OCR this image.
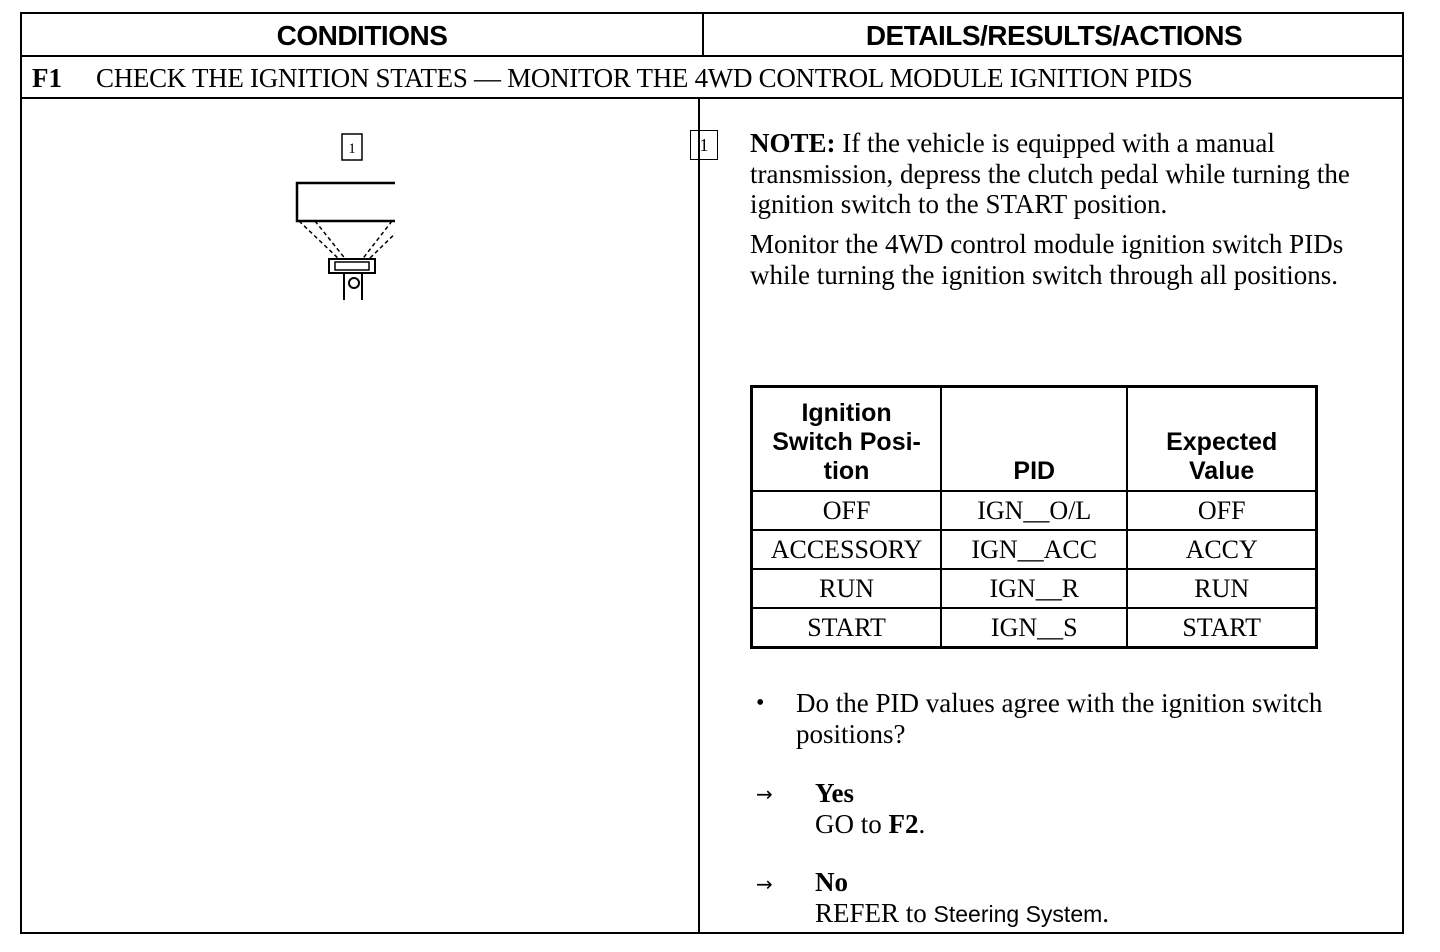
CONDITIONS	DETAILS/RESULTS/ACTIONS
F1 CHECK THE IGNITION STATES — MONITOR THE 4WD CONTROL MODULE IGNITION PIDS
1	1	NOTE: If the vehicle is equipped with a manual transmission, depress the clutch pedal while turning the ignition switch to the START position.
Monitor the 4WD control module ignition switch PIDs while turning the ignition switch through all positions.
Ignition Switch Posi- tion	PID	Expected Value
OFF	IGN__O/L	OFF
ACCESSORY	IGN__ACC	ACCY
RUN	IGN__R	RUN
START	IGN__S	START
• Do the PID values agree with the ignition switch positions?
→ Yes
GO to F2.
→ No
REFER to Steering System.
